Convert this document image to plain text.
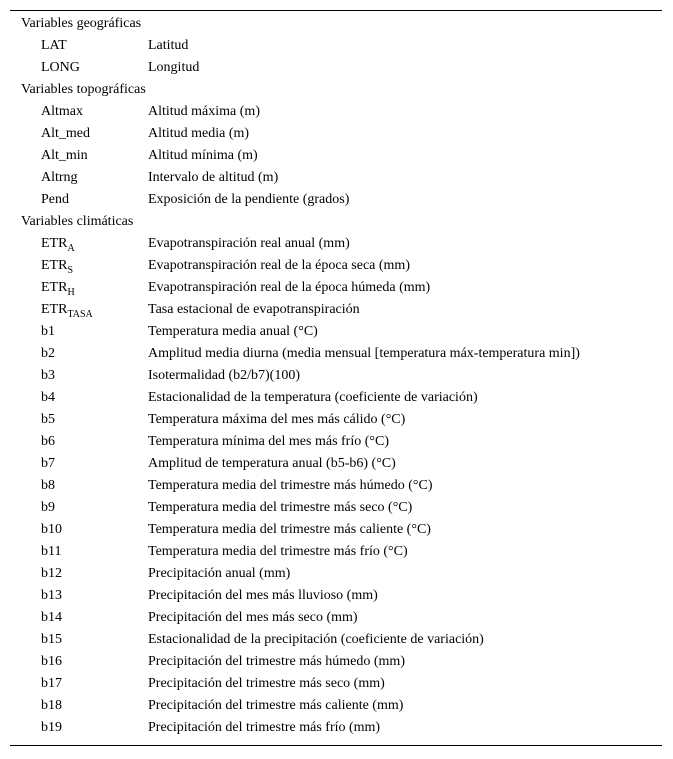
Variables geográficas
LAT	Latitud
LONG	Longitud
Variables topográficas
Altmax	Altitud máxima (m)
Alt_med	Altitud media (m)
Alt_min	Altitud mínima (m)
Altrng	Intervalo de altitud (m)
Pend	Exposición de la pendiente (grados)
Variables climáticas
$ETR_A$	Evapotranspiración real anual (mm)
$ETR_S$	Evapotranspiración real de la época seca (mm)
$ETR_H$	Evapotranspiración real de la época húmeda (mm)
$ETR_{TASA}$	Tasa estacional de evapotranspiración
b1	Temperatura media anual (°C)
b2	Amplitud media diurna (media mensual [temperatura máx-temperatura min])
b3	Isotermalidad (b2/b7)(100)
b4	Estacionalidad de la temperatura (coeficiente de variación)
b5	Temperatura máxima del mes más cálido (°C)
b6	Temperatura mínima del mes más frío (°C)
b7	Amplitud de temperatura anual (b5-b6) (°C)
b8	Temperatura media del trimestre más húmedo (°C)
b9	Temperatura media del trimestre más seco (°C)
b10	Temperatura media del trimestre más caliente (°C)
b11	Temperatura media del trimestre más frío (°C)
b12	Precipitación anual (mm)
b13	Precipitación del mes más lluvioso (mm)
b14	Precipitación del mes más seco (mm)
b15	Estacionalidad de la precipitación (coeficiente de variación)
b16	Precipitación del trimestre más húmedo (mm)
b17	Precipitación del trimestre más seco (mm)
b18	Precipitación del trimestre más caliente (mm)
b19	Precipitación del trimestre más frío (mm)
